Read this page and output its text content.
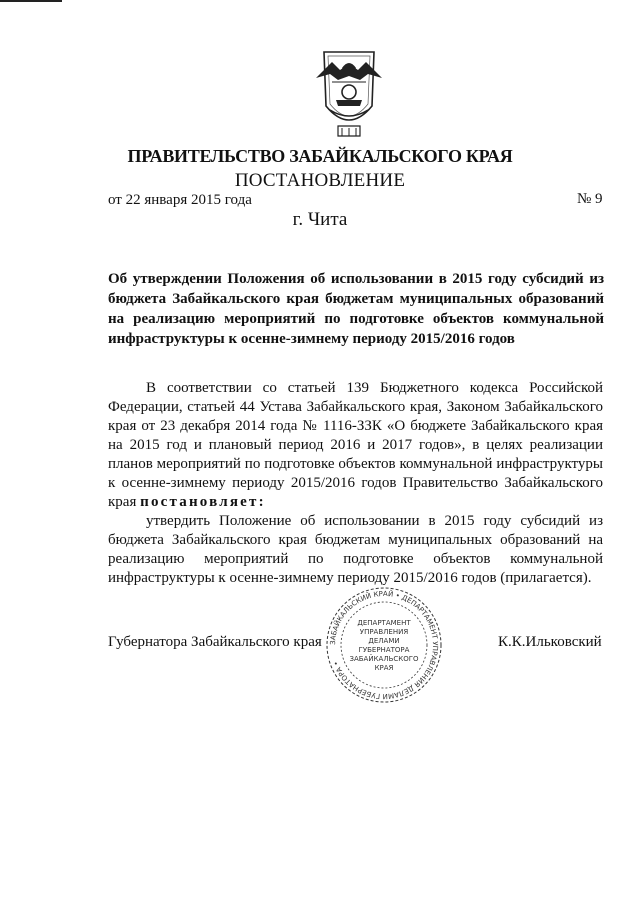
ПРАВИТЕЛЬСТВО ЗАБАЙКАЛЬСКОГО КРАЯ
ПОСТАНОВЛЕНИЕ
от 22 января 2015 года	№ 9
г. Чита
Об утверждении Положения об использовании в 2015 году субсидий из бюджета Забайкальского края бюджетам муниципальных образований на реализацию мероприятий по подготовке объектов коммунальной инфраструктуры к осенне-зимнему периоду 2015/2016 годов
В соответствии со статьей 139 Бюджетного кодекса Российской Федерации, статьей 44 Устава Забайкальского края, Законом Забайкальского края от 23 декабря 2014 года № 1116-ЗЗК «О бюджете Забайкальского края на 2015 год и плановый период 2016 и 2017 годов», в целях реализации планов мероприятий по подготовке объектов коммунальной инфраструктуры к осенне-зимнему периоду 2015/2016 годов Правительство Забайкальского края постановляет:
утвердить Положение об использовании в 2015 году субсидий из бюджета Забайкальского края бюджетам муниципальных образований на реализацию мероприятий по подготовке объектов коммунальной инфраструктуры к осенне-зимнему периоду 2015/2016 годов (прилагается).
Губернатора Забайкальского края ЗАБАЙКАЛЬСКИЙ КРАЙ • ДЕПАРТАМЕНТ УПРАВЛЕНИЯ ДЕЛАМИ ГУБЕРНАТОРА •
ДЕПАРТАМЕНТ
УПРАВЛЕНИЯ
ДЕЛАМИ
ГУБЕРНАТОРА
ЗАБАЙКАЛЬСКОГО
КРАЯ
К.К.Ильковский
